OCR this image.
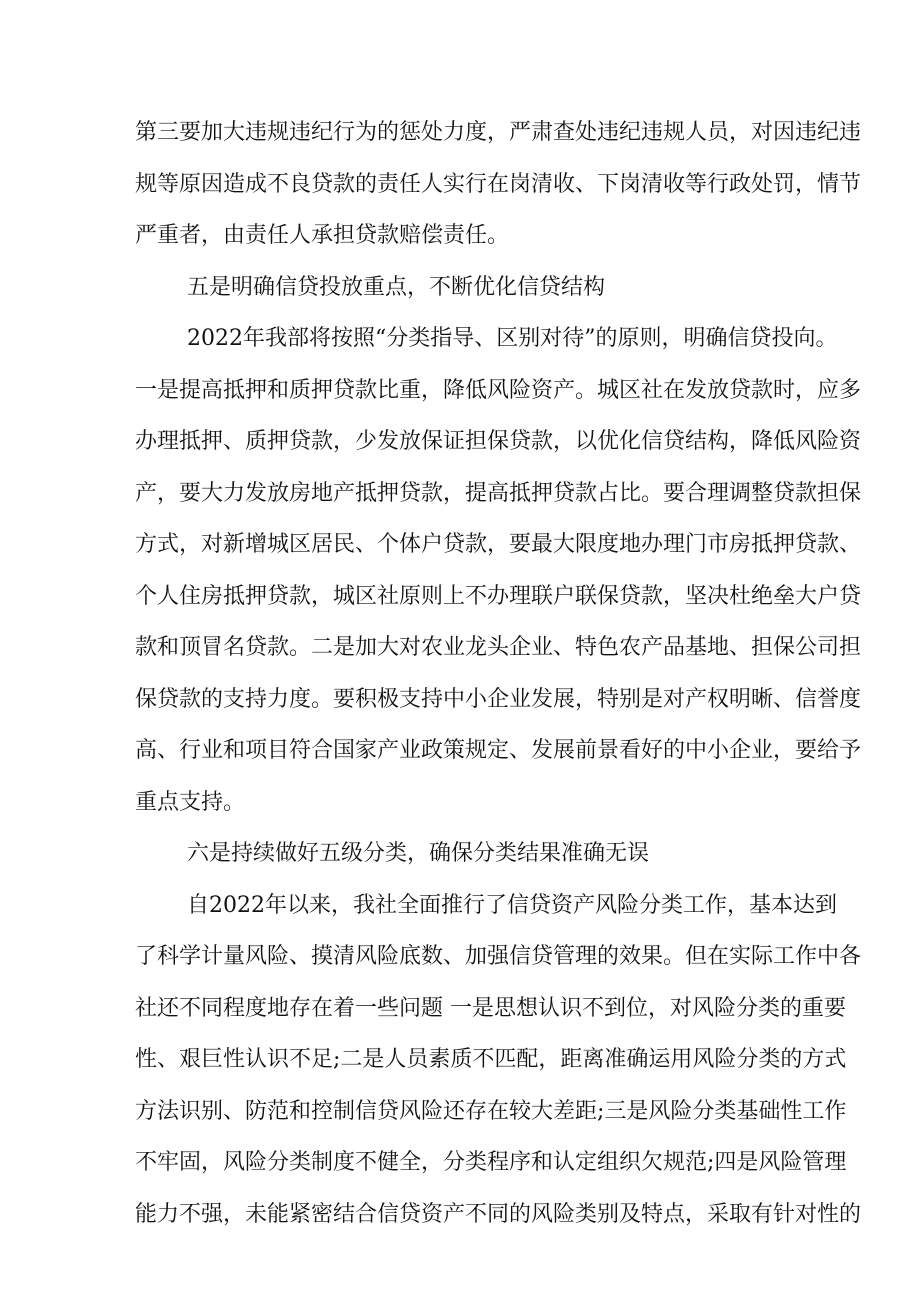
第三要加大违规违纪行为的惩处力度，严肃查处违纪违规人员，对因违纪违
规等原因造成不良贷款的责任人实行在岗清收、下岗清收等行政处罚，情节
严重者，由责任人承担贷款赔偿责任。
五是明确信贷投放重点，不断优化信贷结构
2022年我部将按照“分类指导、区别对待”的原则，明确信贷投向。
一是提高抵押和质押贷款比重，降低风险资产。城区社在发放贷款时，应多
办理抵押、质押贷款，少发放保证担保贷款，以优化信贷结构，降低风险资
产，要大力发放房地产抵押贷款，提高抵押贷款占比。要合理调整贷款担保
方式，对新增城区居民、个体户贷款，要最大限度地办理门市房抵押贷款、
个人住房抵押贷款，城区社原则上不办理联户联保贷款，坚决杜绝垒大户贷
款和顶冒名贷款。二是加大对农业龙头企业、特色农产品基地、担保公司担
保贷款的支持力度。要积极支持中小企业发展，特别是对产权明晰、信誉度
高、行业和项目符合国家产业政策规定、发展前景看好的中小企业，要给予
重点支持。
六是持续做好五级分类，确保分类结果准确无误
自2022年以来，我社全面推行了信贷资产风险分类工作，基本达到
了科学计量风险、摸清风险底数、加强信贷管理的效果。但在实际工作中各
社还不同程度地存在着一些问题 一是思想认识不到位，对风险分类的重要
性、艰巨性认识不足;二是人员素质不匹配，距离准确运用风险分类的方式
方法识别、防范和控制信贷风险还存在较大差距;三是风险分类基础性工作
不牢固，风险分类制度不健全，分类程序和认定组织欠规范;四是风险管理
能力不强，未能紧密结合信贷资产不同的风险类别及特点，采取有针对性的
